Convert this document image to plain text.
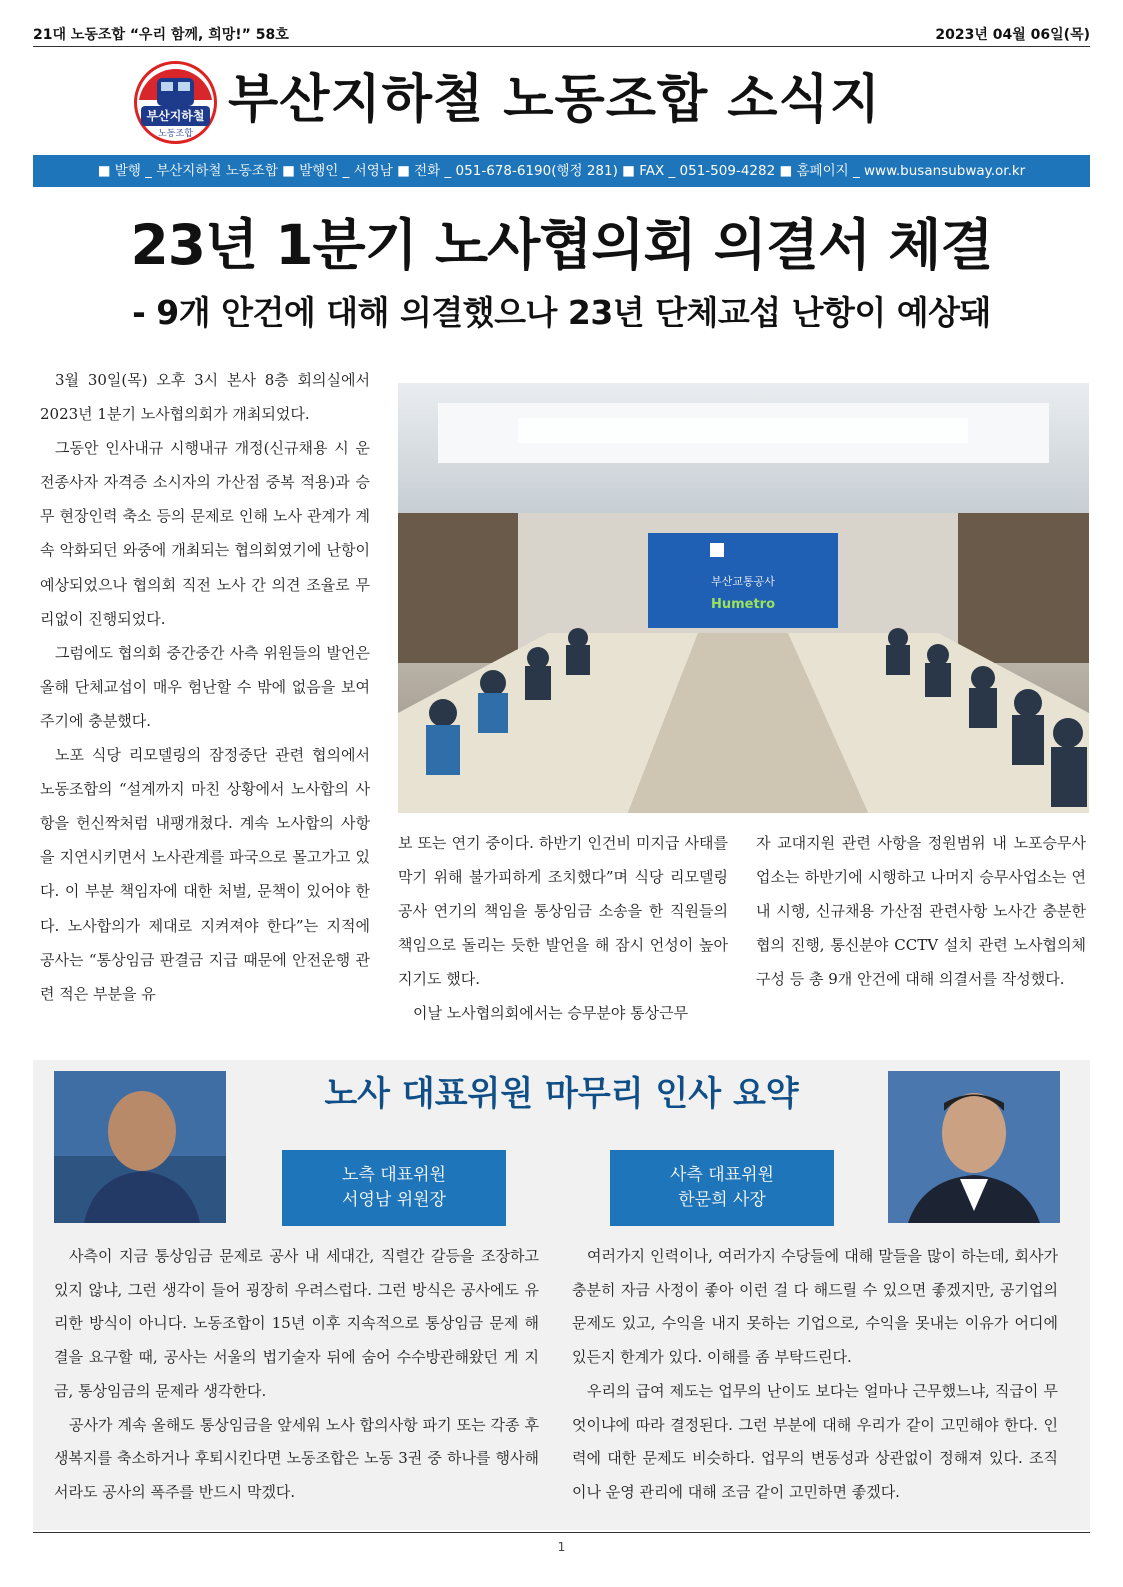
21대 노동조합 “우리 함께, 희망!” 58호	2023년 04월 06일(목)
부산지하철
노동조합
부산지하철 노동조합 소식지
■ 발행 _ 부산지하철 노동조합 ■ 발행인 _ 서영남 ■ 전화 _ 051-678-6190(행정 281) ■ FAX _ 051-509-4282 ■ 홈페이지 _ www.busansubway.or.kr
23년 1분기 노사협의회 의결서 체결
- 9개 안건에 대해 의결했으나 23년 단체교섭 난항이 예상돼

3월 30일(목) 오후 3시 본사 8층 회의실에서 2023년 1분기 노사협의회가 개최되었다.

그동안 인사내규 시행내규 개정(신규채용 시 운전종사자 자격증 소시자의 가산점 중복 적용)과 승무 현장인력 축소 등의 문제로 인해 노사 관계가 계속 악화되던 와중에 개최되는 협의회였기에 난항이 예상되었으나 협의회 직전 노사 간 의견 조율로 무리없이 진행되었다.

그럼에도 협의회 중간중간 사측 위원들의 발언은 올해 단체교섭이 매우 험난할 수 밖에 없음을 보여주기에 충분했다.

노포 식당 리모델링의 잠정중단 관련 협의에서 노동조합의 “설계까지 마친 상황에서 노사합의 사항을 헌신짝처럼 내팽개쳤다. 계속 노사합의 사항을 지연시키면서 노사관계를 파국으로 몰고가고 있다. 이 부분 책임자에 대한 처벌, 문책이 있어야 한다. 노사합의가 제대로 지켜져야 한다”는 지적에 공사는 “통상임금 판결금 지급 때문에 안전운행 관련 적은 부분을 유

부산교통공사
Humetro

보 또는 연기 중이다. 하반기 인건비 미지급 사태를 막기 위해 불가피하게 조치했다”며 식당 리모델링 공사 연기의 책임을 통상임금 소송을 한 직원들의 책임으로 돌리는 듯한 발언을 해 잠시 언성이 높아지기도 했다.

이날 노사협의회에서는 승무분야 통상근무

자 교대지원 관련 사항을 정원범위 내 노포승무사업소는 하반기에 시행하고 나머지 승무사업소는 연내 시행, 신규채용 가산점 관련사항 노사간 충분한 협의 진행, 통신분야 CCTV 설치 관련 노사협의체 구성 등 총 9개 안건에 대해 의결서를 작성했다.

노사 대표위원 마무리 인사 요약
노측 대표위원
서영남 위원장
사측 대표위원
한문희 사장

사측이 지금 통상임금 문제로 공사 내 세대간, 직렬간 갈등을 조장하고 있지 않냐, 그런 생각이 들어 굉장히 우려스럽다. 그런 방식은 공사에도 유리한 방식이 아니다. 노동조합이 15년 이후 지속적으로 통상임금 문제 해결을 요구할 때, 공사는 서울의 법기술자 뒤에 숨어 수수방관해왔던 게 지금, 통상임금의 문제라 생각한다.

공사가 계속 올해도 통상임금을 앞세워 노사 합의사항 파기 또는 각종 후생복지를 축소하거나 후퇴시킨다면 노동조합은 노동 3권 중 하나를 행사해서라도 공사의 폭주를 반드시 막겠다.

여러가지 인력이나, 여러가지 수당들에 대해 말들을 많이 하는데, 회사가 충분히 자금 사정이 좋아 이런 걸 다 해드릴 수 있으면 좋겠지만, 공기업의 문제도 있고, 수익을 내지 못하는 기업으로, 수익을 못내는 이유가 어디에 있든지 한계가 있다. 이해를 좀 부탁드린다.

우리의 급여 제도는 업무의 난이도 보다는 얼마나 근무했느냐, 직급이 무엇이냐에 따라 결정된다. 그런 부분에 대해 우리가 같이 고민해야 한다. 인력에 대한 문제도 비슷하다. 업무의 변동성과 상관없이 정해져 있다. 조직이나 운영 관리에 대해 조금 같이 고민하면 좋겠다.

1
